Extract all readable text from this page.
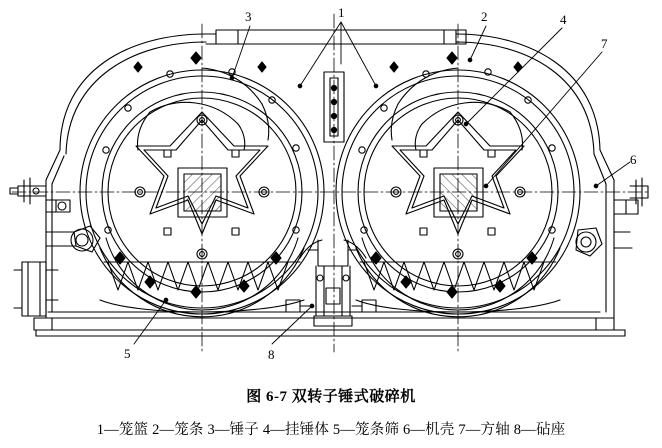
3	1	2	4
7
6
5	8
图 6-7 双转子锤式破碎机
1—笼篮 2—笼条 3—锤子 4—挂锤体 5—笼条筛 6—机壳 7—方轴 8—砧座
